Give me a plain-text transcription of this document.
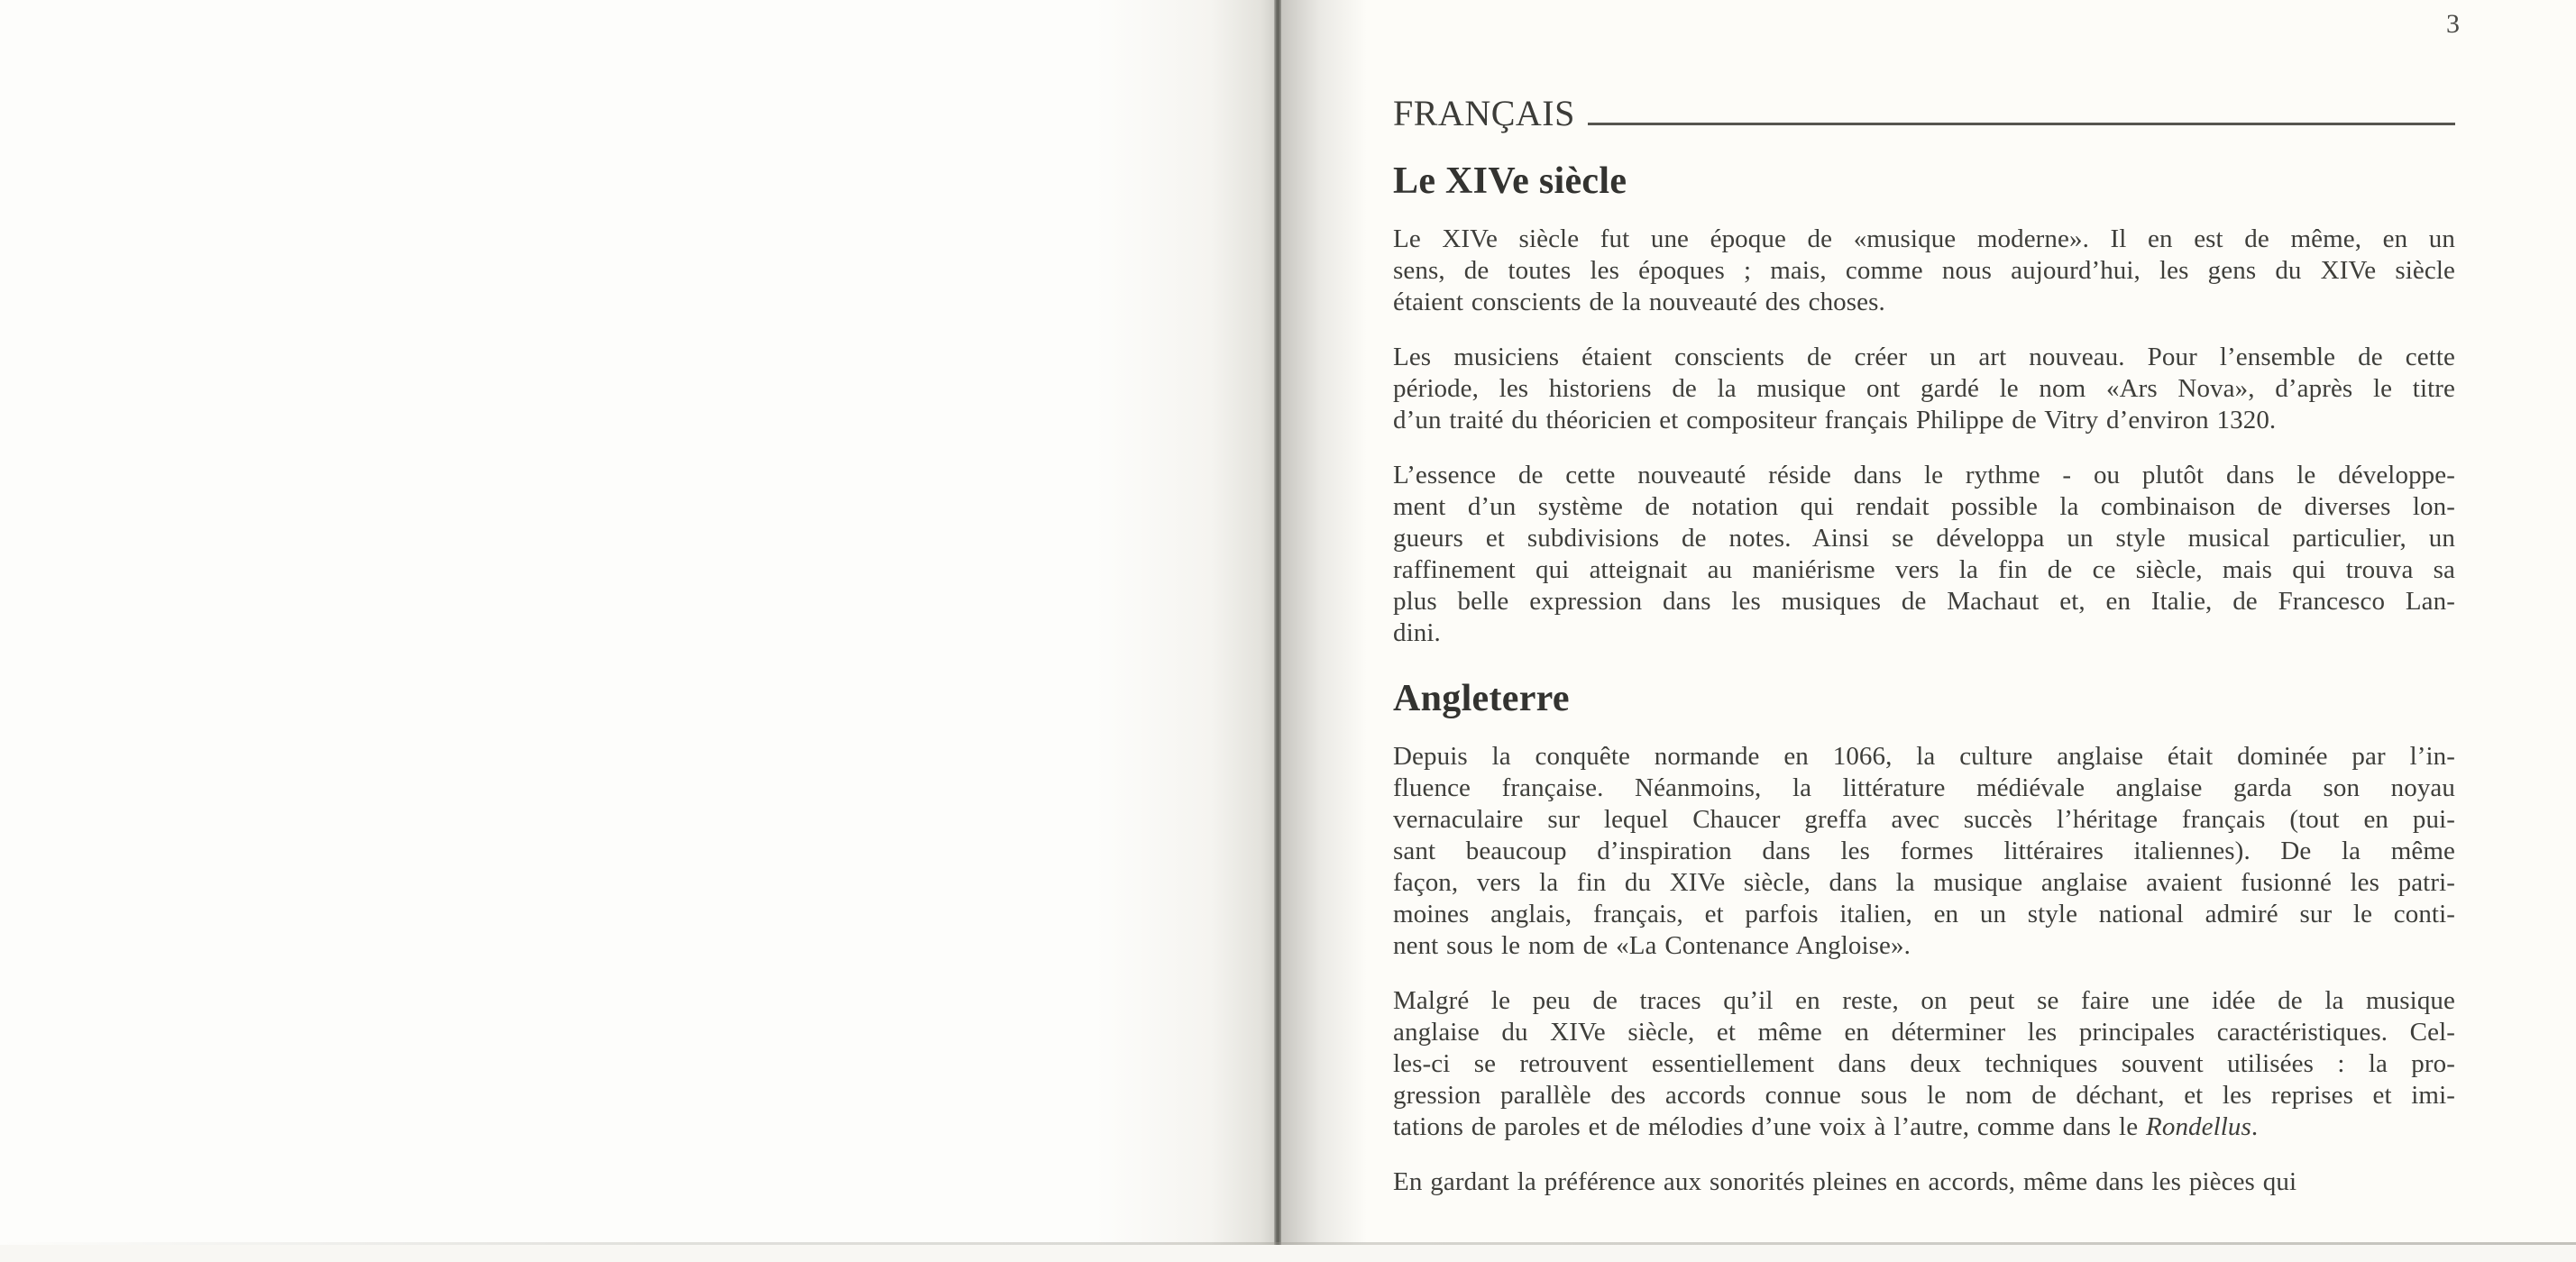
3
FRANÇAIS
Le XIVe siècle
Le XIVe siècle fut une époque de «musique moderne». Il en est de même, en un
sens, de toutes les époques ; mais, comme nous aujourd’hui, les gens du XIVe siècle
étaient conscients de la nouveauté des choses.
Les musiciens étaient conscients de créer un art nouveau. Pour l’ensemble de cette
période, les historiens de la musique ont gardé le nom «Ars Nova», d’après le titre
d’un traité du théoricien et compositeur français Philippe de Vitry d’environ 1320.
L’essence de cette nouveauté réside dans le rythme - ou plutôt dans le développe-
ment d’un système de notation qui rendait possible la combinaison de diverses lon-
gueurs et subdivisions de notes. Ainsi se développa un style musical particulier, un
raffinement qui atteignait au maniérisme vers la fin de ce siècle, mais qui trouva sa
plus belle expression dans les musiques de Machaut et, en Italie, de Francesco Lan-
dini.
Angleterre
Depuis la conquête normande en 1066, la culture anglaise était dominée par l’in-
fluence française. Néanmoins, la littérature médiévale anglaise garda son noyau
vernaculaire sur lequel Chaucer greffa avec succès l’héritage français (tout en pui-
sant beaucoup d’inspiration dans les formes littéraires italiennes). De la même
façon, vers la fin du XIVe siècle, dans la musique anglaise avaient fusionné les patri-
moines anglais, français, et parfois italien, en un style national admiré sur le conti-
nent sous le nom de «La Contenance Angloise».
Malgré le peu de traces qu’il en reste, on peut se faire une idée de la musique
anglaise du XIVe siècle, et même en déterminer les principales caractéristiques. Cel-
les-ci se retrouvent essentiellement dans deux techniques souvent utilisées : la pro-
gression parallèle des accords connue sous le nom de déchant, et les reprises et imi-
tations de paroles et de mélodies d’une voix à l’autre, comme dans le Rondellus.
En gardant la préférence aux sonorités pleines en accords, même dans les pièces qui
